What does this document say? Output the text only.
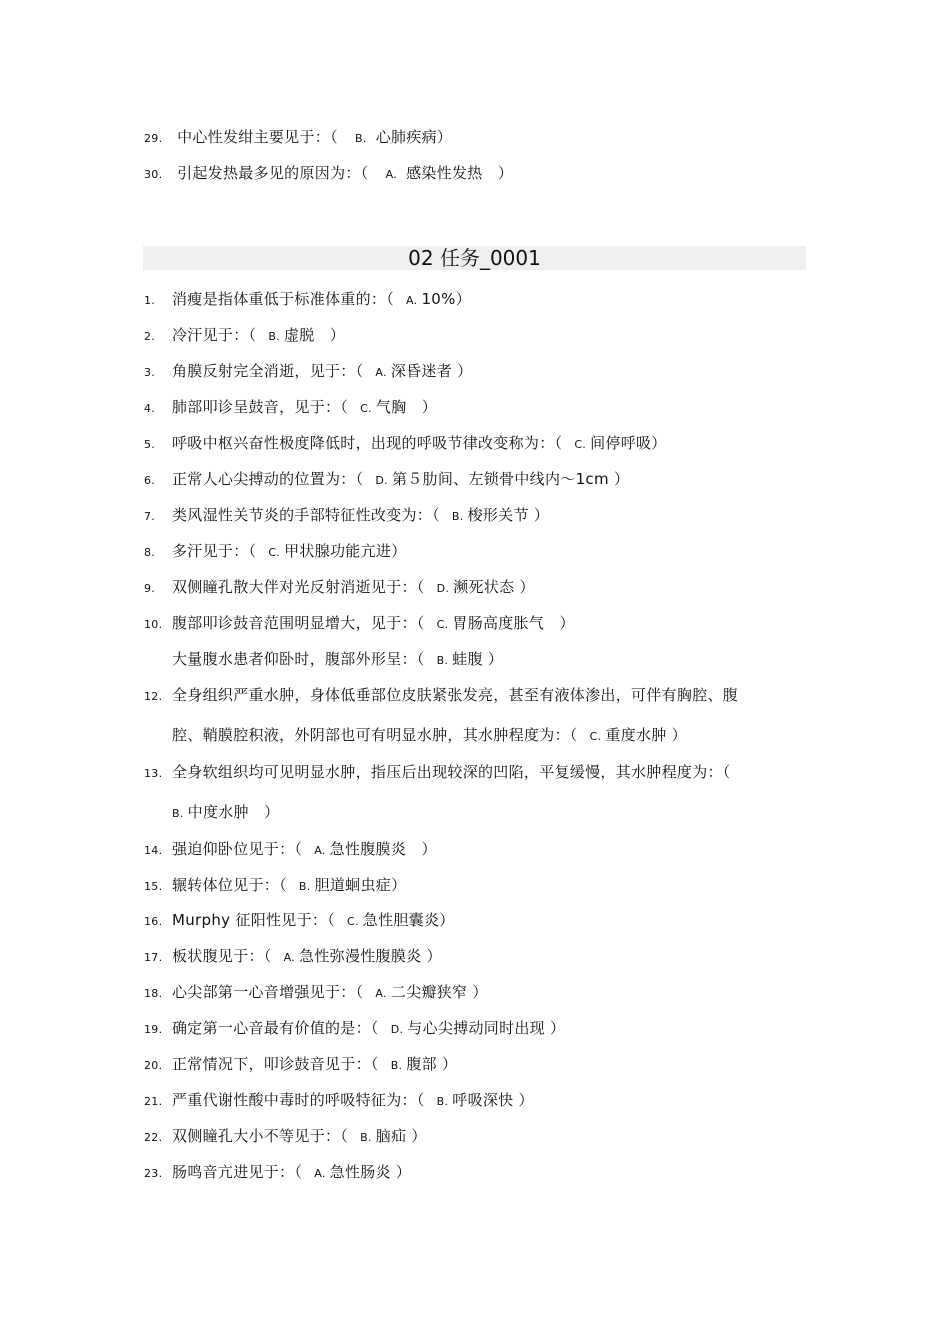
29. 中心性发绀主要见于：（ B. 心肺疾病）
30. 引起发热最多见的原因为：（ A. 感染性发热　）
02 任务_0001
1. 消瘦是指体重低于标准体重的：（ A. 10%）
2. 冷汗见于：（ B. 虚脱　）
3. 角膜反射完全消逝，见于：（ A. 深昏迷者 ）
4. 肺部叩诊呈鼓音，见于：（ C. 气胸　）
5. 呼吸中枢兴奋性极度降低时，出现的呼吸节律改变称为：（ C. 间停呼吸）
6. 正常人心尖搏动的位置为：（ D. 第５肋间、左锁骨中线内～1cm ）
7. 类风湿性关节炎的手部特征性改变为：（ B. 梭形关节 ）
8. 多汗见于：（ C. 甲状腺功能亢进）
9. 双侧瞳孔散大伴对光反射消逝见于：（ D. 濒死状态 ）
10. 腹部叩诊鼓音范围明显增大，见于：（ C. 胃肠高度胀气　）
大量腹水患者仰卧时，腹部外形呈：（ B. 蛙腹 ）
12. 全身组织严重水肿，身体低垂部位皮肤紧张发亮，甚至有液体渗出，可伴有胸腔、腹
腔、鞘膜腔积液，外阴部也可有明显水肿，其水肿程度为：（ C. 重度水肿 ）
13. 全身软组织均可见明显水肿，指压后出现较深的凹陷，平复缓慢，其水肿程度为：（
B. 中度水肿　）
14. 强迫仰卧位见于：（ A. 急性腹膜炎　）
15. 辗转体位见于：（ B. 胆道蛔虫症）
16. Murphy 征阳性见于：（ C. 急性胆囊炎）
17. 板状腹见于：（ A. 急性弥漫性腹膜炎 ）
18. 心尖部第一心音增强见于：（ A. 二尖瓣狭窄 ）
19. 确定第一心音最有价值的是：（ D. 与心尖搏动同时出现 ）
20. 正常情况下，叩诊鼓音见于：（ B. 腹部 ）
21. 严重代谢性酸中毒时的呼吸特征为：（ B. 呼吸深快 ）
22. 双侧瞳孔大小不等见于：（ B. 脑疝 ）
23. 肠鸣音亢进见于：（ A. 急性肠炎 ）
